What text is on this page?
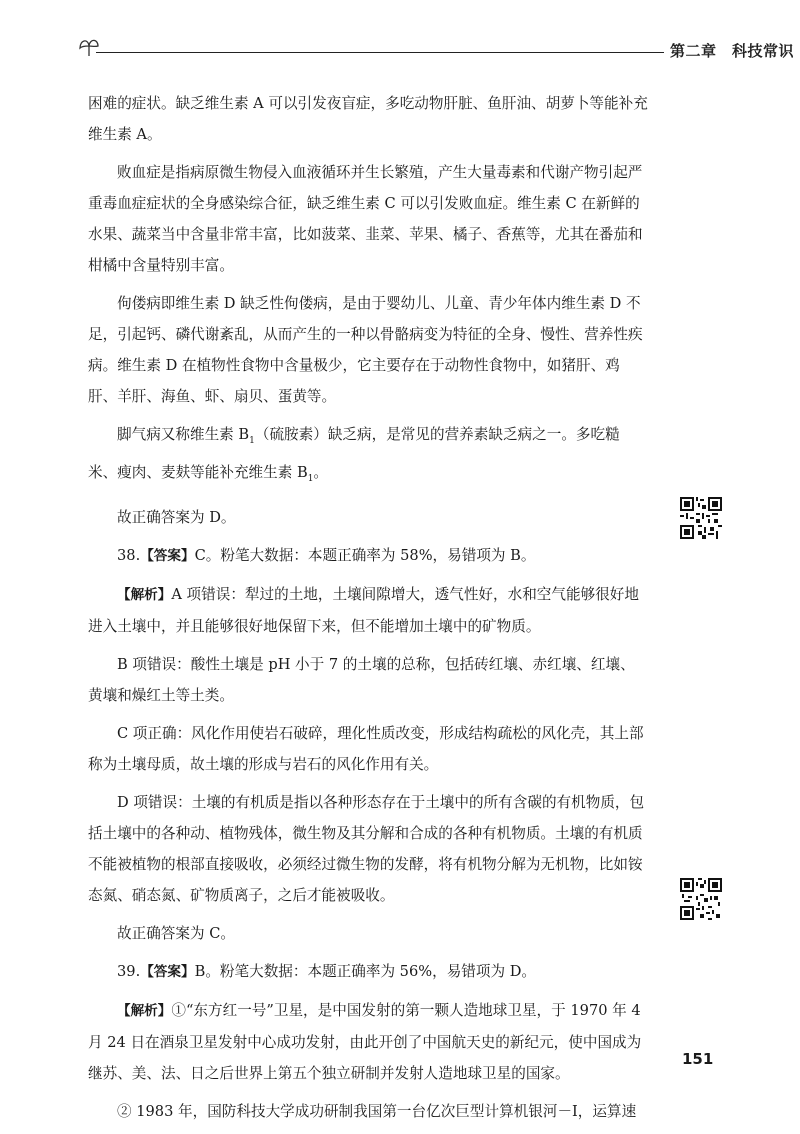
第二章　科技常识

困难的症状。缺乏维生素 A 可以引发夜盲症，多吃动物肝脏、鱼肝油、胡萝卜等能补充维生素 A。

败血症是指病原微生物侵入血液循环并生长繁殖，产生大量毒素和代谢产物引起严重毒血症症状的全身感染综合征，缺乏维生素 C 可以引发败血症。维生素 C 在新鲜的水果、蔬菜当中含量非常丰富，比如菠菜、韭菜、苹果、橘子、香蕉等，尤其在番茄和柑橘中含量特别丰富。

佝偻病即维生素 D 缺乏性佝偻病，是由于婴幼儿、儿童、青少年体内维生素 D 不足，引起钙、磷代谢紊乱，从而产生的一种以骨骼病变为特征的全身、慢性、营养性疾病。维生素 D 在植物性食物中含量极少，它主要存在于动物性食物中，如猪肝、鸡肝、羊肝、海鱼、虾、扇贝、蛋黄等。

脚气病又称维生素 $B_1$（硫胺素）缺乏病，是常见的营养素缺乏病之一。多吃糙米、瘦肉、麦麸等能补充维生素 $B_1$。

故正确答案为 D。

38.【答案】C。粉笔大数据：本题正确率为 58%，易错项为 B。

【解析】A 项错误：犁过的土地，土壤间隙增大，透气性好，水和空气能够很好地进入土壤中，并且能够很好地保留下来，但不能增加土壤中的矿物质。

B 项错误：酸性土壤是 pH 小于 7 的土壤的总称，包括砖红壤、赤红壤、红壤、黄壤和燥红土等土类。

C 项正确：风化作用使岩石破碎，理化性质改变，形成结构疏松的风化壳，其上部称为土壤母质，故土壤的形成与岩石的风化作用有关。

D 项错误：土壤的有机质是指以各种形态存在于土壤中的所有含碳的有机物质，包括土壤中的各种动、植物残体，微生物及其分解和合成的各种有机物质。土壤的有机质不能被植物的根部直接吸收，必须经过微生物的发酵，将有机物分解为无机物，比如铵态氮、硝态氮、矿物质离子，之后才能被吸收。

故正确答案为 C。

39.【答案】B。粉笔大数据：本题正确率为 56%，易错项为 D。

【解析】①“东方红一号”卫星，是中国发射的第一颗人造地球卫星，于 1970 年 4 月 24 日在酒泉卫星发射中心成功发射，由此开创了中国航天史的新纪元，使中国成为继苏、美、法、日之后世界上第五个独立研制并发射人造地球卫星的国家。

② 1983 年，国防科技大学成功研制我国第一台亿次巨型计算机银河－Ⅰ，运算速

151
